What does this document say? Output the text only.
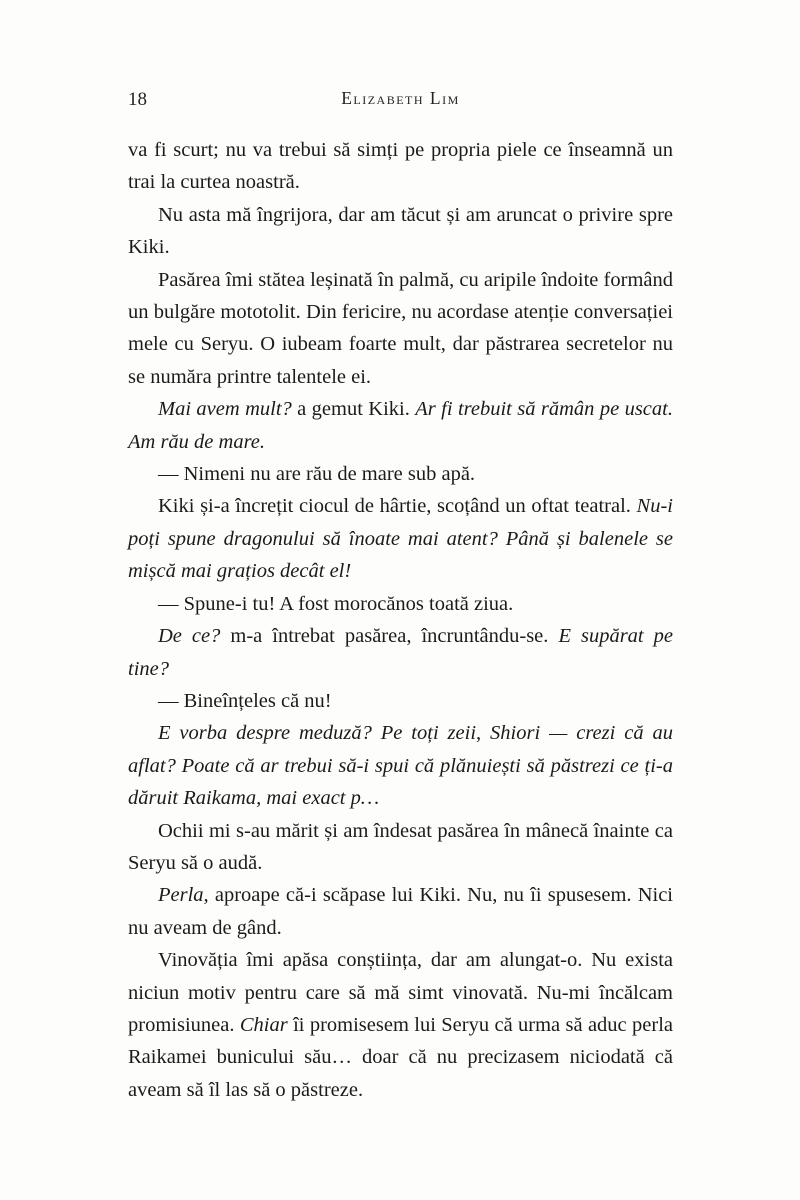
18	Elizabeth Lim

va fi scurt; nu va trebui să simți pe propria piele ce înseamnă un trai la curtea noastră.

Nu asta mă îngrijora, dar am tăcut și am aruncat o privire spre Kiki.

Pasărea îmi stătea leșinată în palmă, cu aripile îndoite formând un bulgăre mototolit. Din fericire, nu acordase atenție conversației mele cu Seryu. O iubeam foarte mult, dar păstrarea secretelor nu se număra printre talentele ei.

Mai avem mult? a gemut Kiki. Ar fi trebuit să rămân pe uscat. Am rău de mare.

— Nimeni nu are rău de mare sub apă.

Kiki și-a încrețit ciocul de hârtie, scoțând un oftat teatral. Nu-i poți spune dragonului să înoate mai atent? Până și balenele se mișcă mai grațios decât el!

— Spune-i tu! A fost morocănos toată ziua.

De ce? m-a întrebat pasărea, încruntându-se. E supărat pe tine?

— Bineînțeles că nu!

E vorba despre meduză? Pe toți zeii, Shiori — crezi că au aflat? Poate că ar trebui să-i spui că plănuiești să păstrezi ce ți-a dăruit Raikama, mai exact p…

Ochii mi s-au mărit și am îndesat pasărea în mânecă înainte ca Seryu să o audă.

Perla, aproape că-i scăpase lui Kiki. Nu, nu îi spusesem. Nici nu aveam de gând.

Vinovăția îmi apăsa conștiința, dar am alungat-o. Nu exista niciun motiv pentru care să mă simt vinovată. Nu-mi încălcam promisiunea. Chiar îi promisesem lui Seryu că urma să aduc perla Raikamei bunicului său… doar că nu precizasem niciodată că aveam să îl las să o păstreze.
